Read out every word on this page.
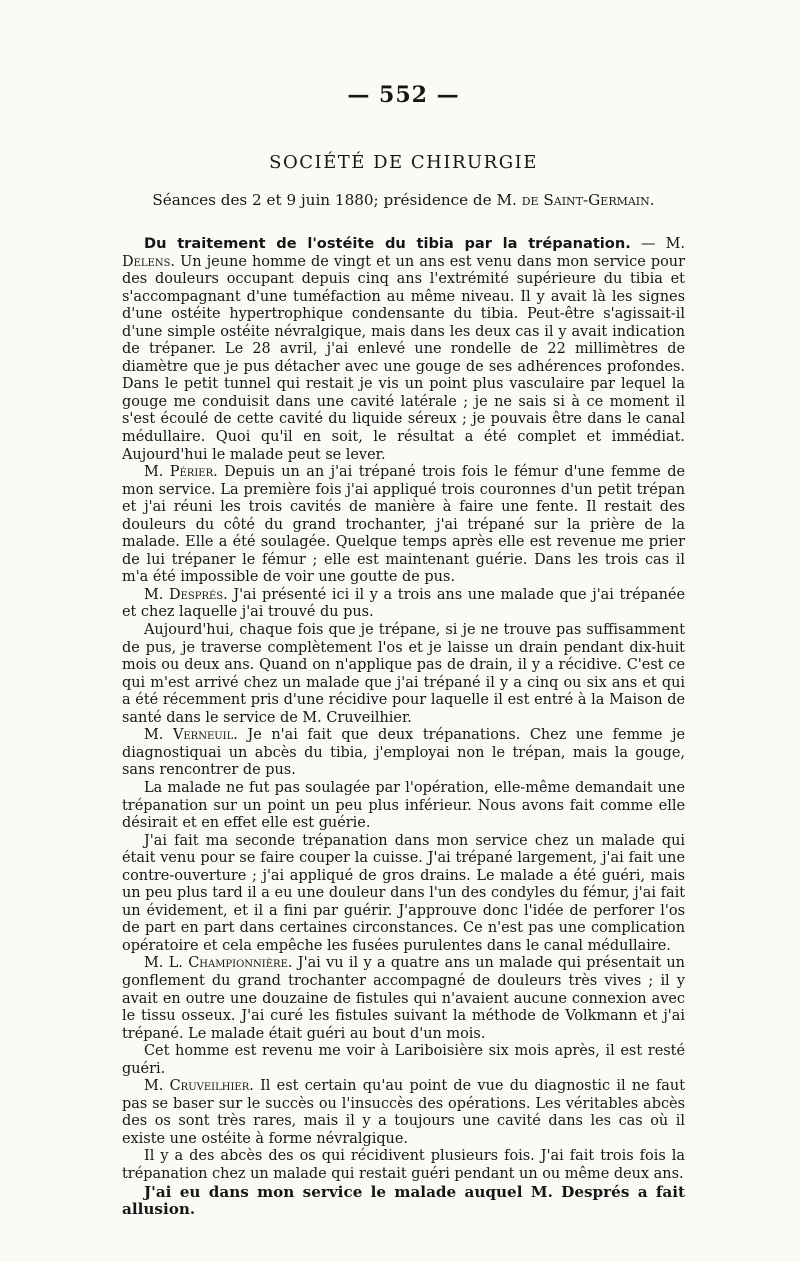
— 552 —
SOCIÉTÉ DE CHIRURGIE
Séances des 2 et 9 juin 1880; présidence de M. de Saint-Germain.

Du traitement de l'ostéite du tibia par la trépanation. — M. Delens. Un jeune homme de vingt et un ans est venu dans mon service pour des douleurs occupant depuis cinq ans l'extrémité supérieure du tibia et s'accompagnant d'une tuméfaction au même niveau. Il y avait là les signes d'une ostéite hypertrophique condensante du tibia. Peut-être s'agissait-il d'une simple ostéite névralgique, mais dans les deux cas il y avait indication de trépaner. Le 28 avril, j'ai enlevé une rondelle de 22 millimètres de diamètre que je pus détacher avec une gouge de ses adhérences profondes. Dans le petit tunnel qui restait je vis un point plus vasculaire par lequel la gouge me conduisit dans une cavité latérale ; je ne sais si à ce moment il s'est écoulé de cette cavité du liquide séreux ; je pouvais être dans le canal médullaire. Quoi qu'il en soit, le résultat a été complet et immédiat. Aujourd'hui le malade peut se lever.

M. Périer. Depuis un an j'ai trépané trois fois le fémur d'une femme de mon service. La première fois j'ai appliqué trois couronnes d'un petit trépan et j'ai réuni les trois cavités de manière à faire une fente. Il restait des douleurs du côté du grand trochanter, j'ai trépané sur la prière de la malade. Elle a été soulagée. Quelque temps après elle est revenue me prier de lui trépaner le fémur ; elle est maintenant guérie. Dans les trois cas il m'a été impossible de voir une goutte de pus.

M. Després. J'ai présenté ici il y a trois ans une malade que j'ai trépanée et chez laquelle j'ai trouvé du pus.

Aujourd'hui, chaque fois que je trépane, si je ne trouve pas suffisamment de pus, je traverse complètement l'os et je laisse un drain pendant dix-huit mois ou deux ans. Quand on n'applique pas de drain, il y a récidive. C'est ce qui m'est arrivé chez un malade que j'ai trépané il y a cinq ou six ans et qui a été récemment pris d'une récidive pour laquelle il est entré à la Maison de santé dans le service de M. Cruveilhier.

M. Verneuil. Je n'ai fait que deux trépanations. Chez une femme je diagnostiquai un abcès du tibia, j'employai non le trépan, mais la gouge, sans rencontrer de pus.

La malade ne fut pas soulagée par l'opération, elle-même demandait une trépanation sur un point un peu plus inférieur. Nous avons fait comme elle désirait et en effet elle est guérie.

J'ai fait ma seconde trépanation dans mon service chez un malade qui était venu pour se faire couper la cuisse. J'ai trépané largement, j'ai fait une contre-ouverture ; j'ai appliqué de gros drains. Le malade a été guéri, mais un peu plus tard il a eu une douleur dans l'un des condyles du fémur, j'ai fait un évidement, et il a fini par guérir. J'approuve donc l'idée de perforer l'os de part en part dans certaines circonstances. Ce n'est pas une complication opératoire et cela empêche les fusées purulentes dans le canal médullaire.

M. L. Championnière. J'ai vu il y a quatre ans un malade qui présentait un gonflement du grand trochanter accompagné de douleurs très vives ; il y avait en outre une douzaine de fistules qui n'avaient aucune connexion avec le tissu osseux. J'ai curé les fistules suivant la méthode de Volkmann et j'ai trépané. Le malade était guéri au bout d'un mois.

Cet homme est revenu me voir à Lariboisière six mois après, il est resté guéri.

M. Cruveilhier. Il est certain qu'au point de vue du diagnostic il ne faut pas se baser sur le succès ou l'insuccès des opérations. Les véritables abcès des os sont très rares, mais il y a toujours une cavité dans les cas où il existe une ostéite à forme névralgique.

Il y a des abcès des os qui récidivent plusieurs fois. J'ai fait trois fois la trépanation chez un malade qui restait guéri pendant un ou même deux ans.

J'ai eu dans mon service le malade auquel M. Després a fait allusion.
